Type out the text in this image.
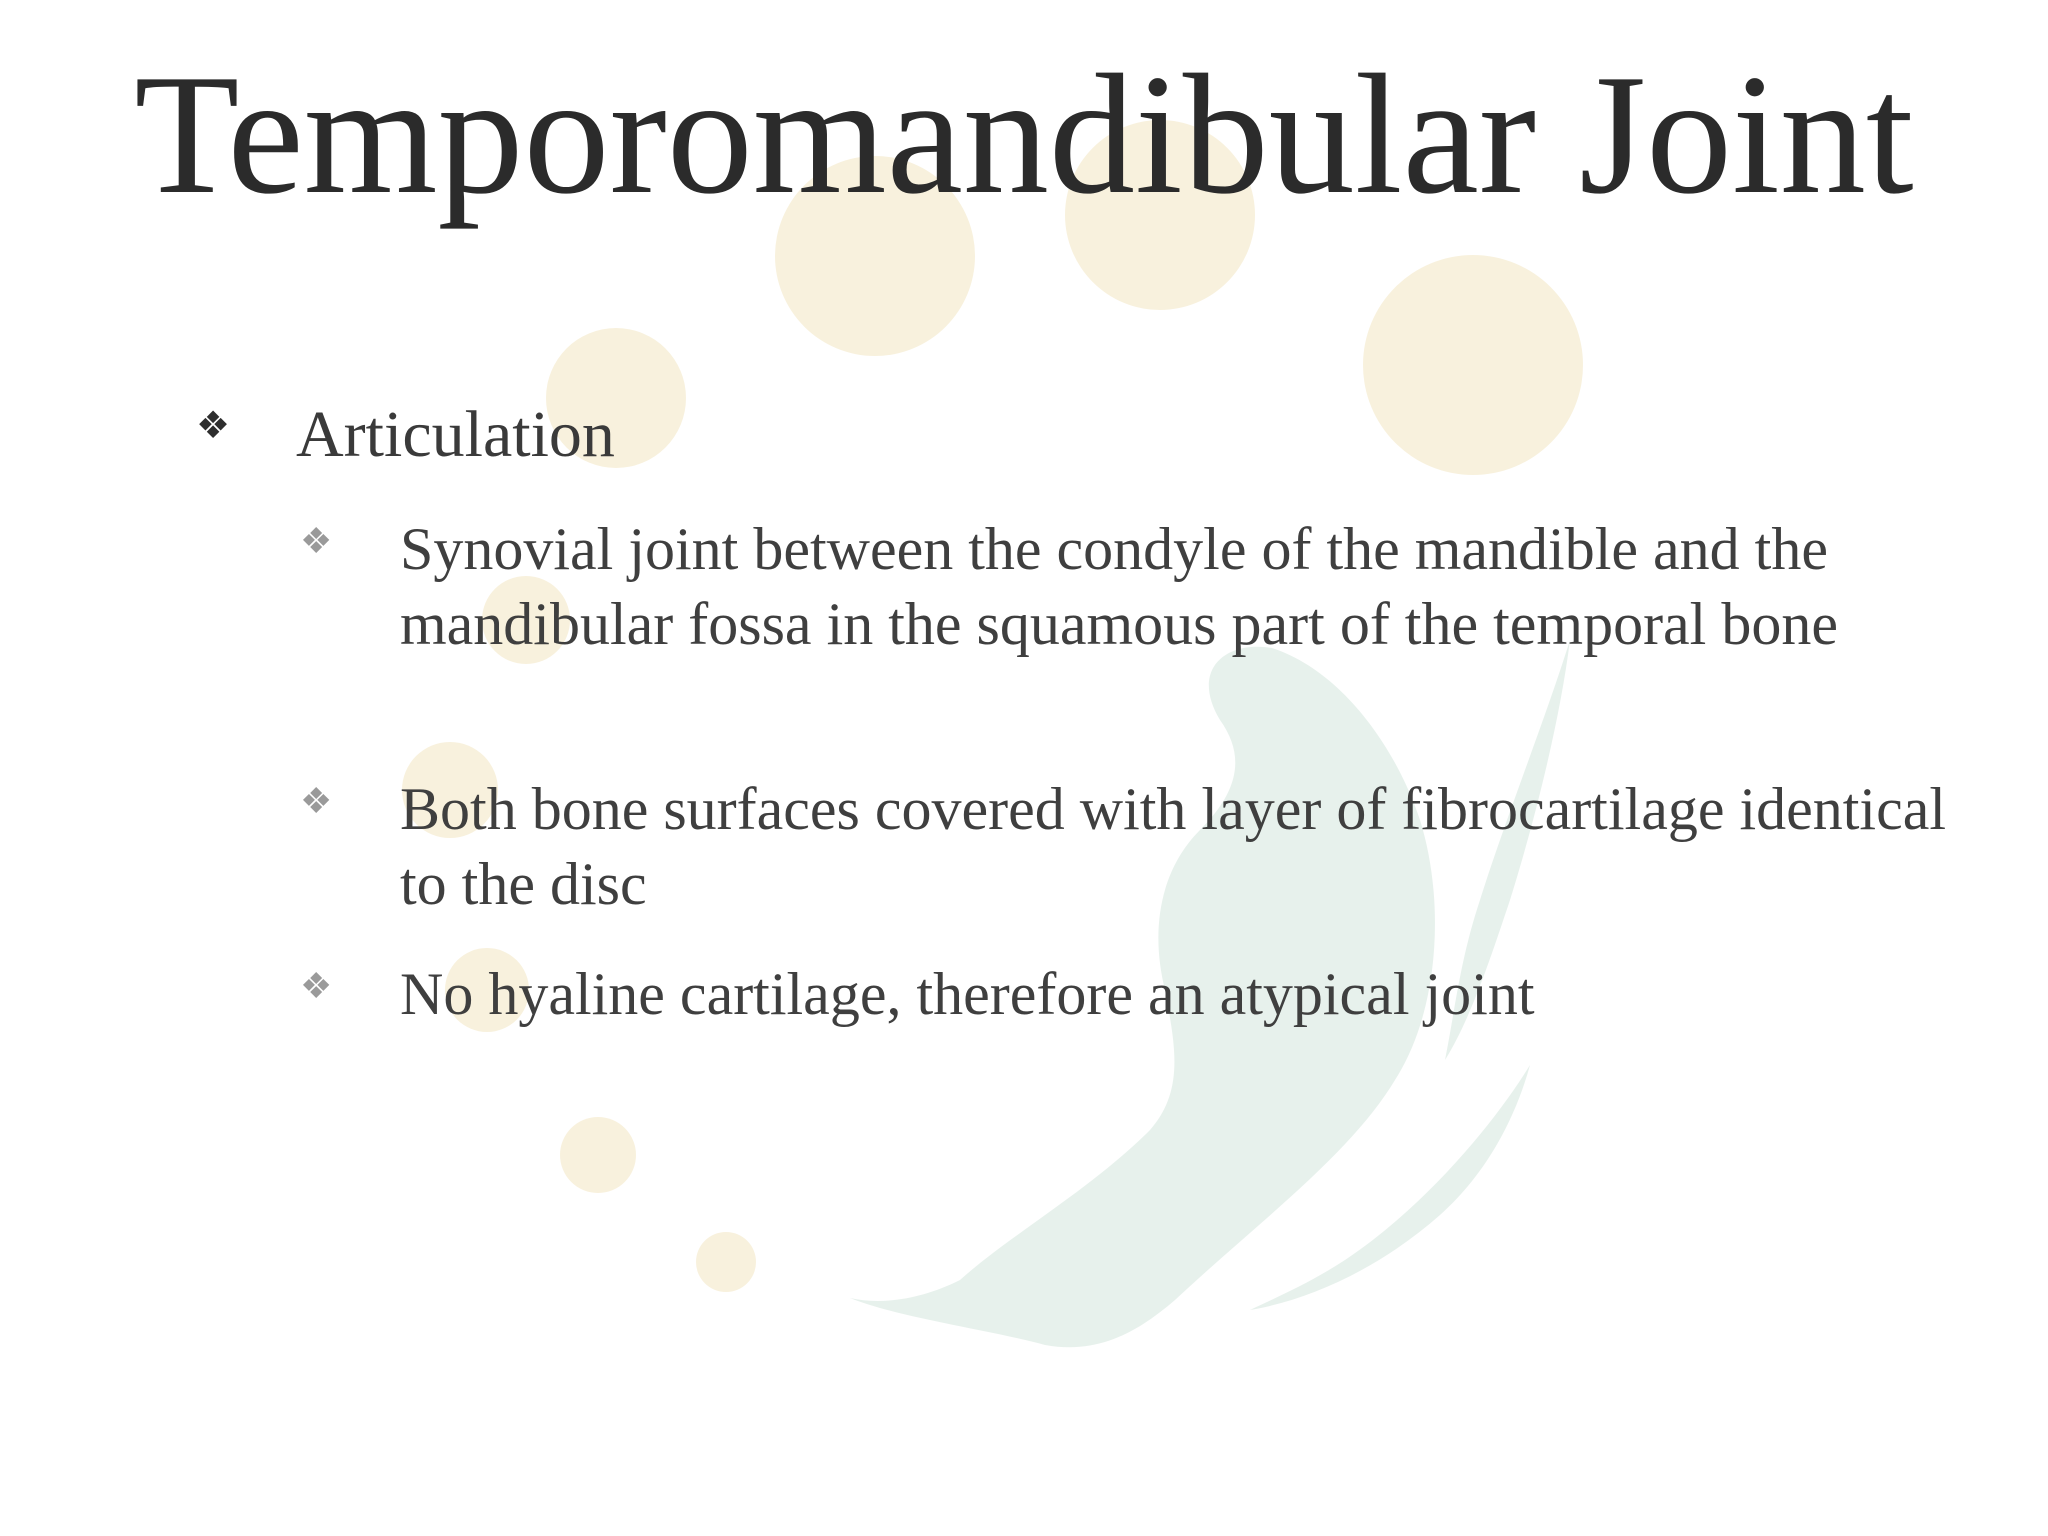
Temporomandibular Joint
❖ Articulation
❖ Synovial joint between the condyle of the mandible and the mandibular fossa in the squamous part of the temporal bone
❖ Both bone surfaces covered with layer of fibrocartilage identical to the disc
❖ No hyaline cartilage, therefore an atypical joint
